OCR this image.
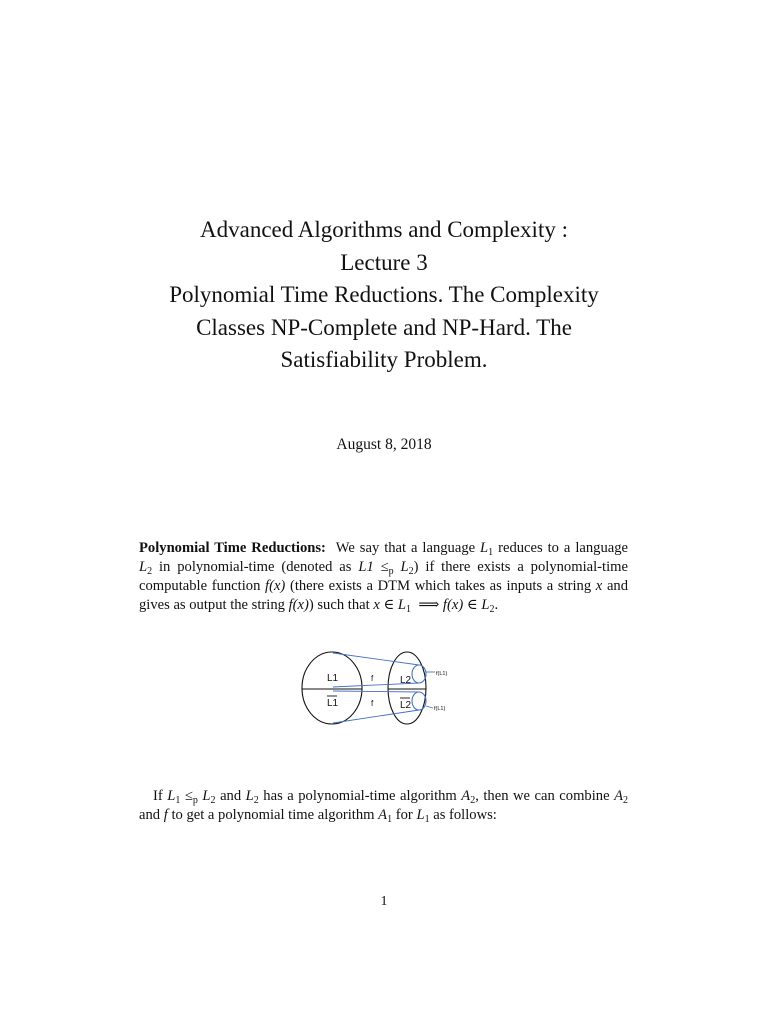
Advanced Algorithms and Complexity :
Lecture 3
Polynomial Time Reductions. The Complexity
Classes NP-Complete and NP-Hard. The
Satisfiability Problem.
August 8, 2018
Polynomial Time Reductions: We say that a language $L_1$ reduces to a language $L_2$ in polynomial-time (denoted as $L1 \le_p$ $L_2$) if there exists a polynomial-time computable function f(x) (there exists a DTM which takes as inputs a string x and gives as output the string f(x)) such that x ∈ $L_1$ ⟹ f(x) ∈ $L_2$.
L1
L1
f
f
L2
L2
f(L1)
f(L1)
If $L_1 \le_p$ $L_2$ and $L_2$ has a polynomial-time algorithm $A_2$, then we can combine $A_2$ and f to get a polynomial time algorithm $A_1$ for $L_1$ as follows:
1
